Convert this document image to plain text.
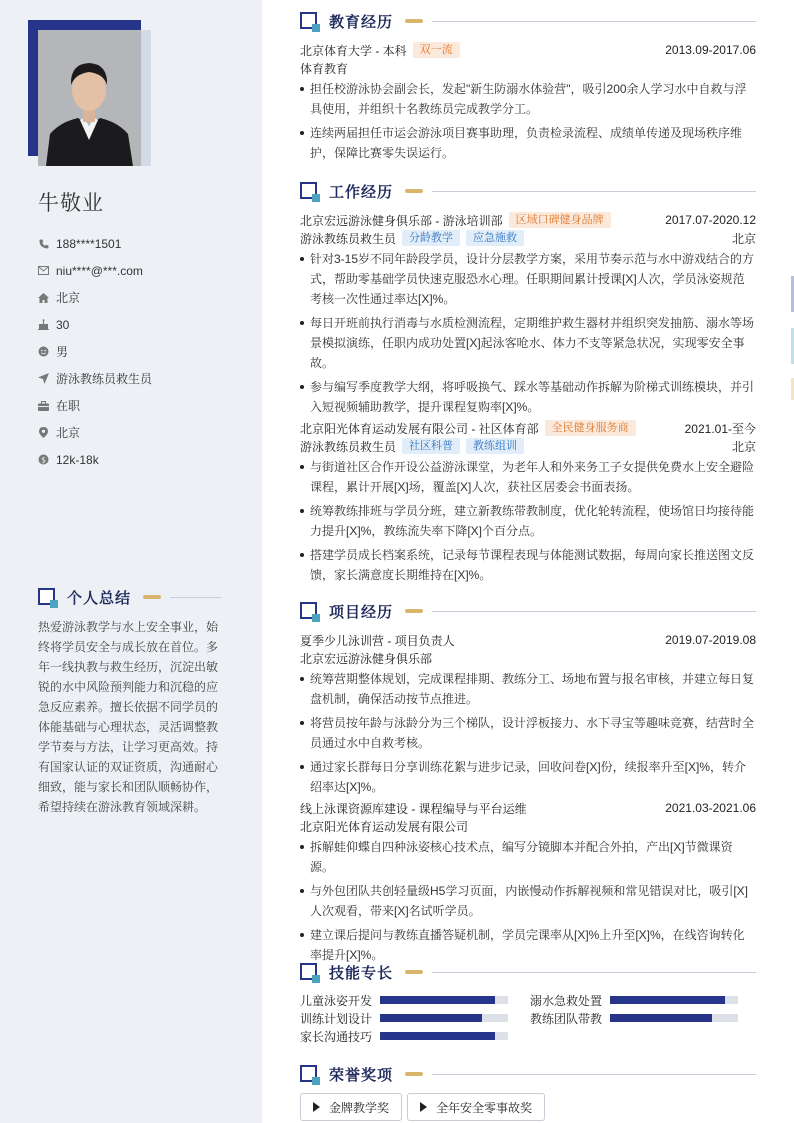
牛敬业
188****1501
niu****@***.com
北京
30
男
游泳教练员救生员
在职
北京
$ 12k-18k
个人总结
热爱游泳教学与水上安全事业，始终将学员安全与成长放在首位。多年一线执教与救生经历，沉淀出敏锐的水中风险预判能力和沉稳的应急反应素养。擅长依据不同学员的体能基础与心理状态，灵活调整教学节奏与方法，让学习更高效。持有国家认证的双证资质，沟通耐心细致，能与家长和团队顺畅协作，希望持续在游泳教育领域深耕。
教育经历
北京体育大学 - 本科	双一流	2013.09-2017.06
体育教育
担任校游泳协会副会长，发起"新生防溺水体验营"，吸引200余人学习水中自救与浮具使用，并组织十名教练员完成教学分工。
连续两届担任市运会游泳项目赛事助理，负责检录流程、成绩单传递及现场秩序维护，保障比赛零失误运行。
工作经历
北京宏远游泳健身俱乐部 - 游泳培训部	区域口碑健身品牌	2017.07-2020.12
游泳教练员救生员	分龄教学	应急施救	北京
针对3-15岁不同年龄段学员，设计分层教学方案，采用节奏示范与水中游戏结合的方式，帮助零基础学员快速克服恐水心理。任职期间累计授课[X]人次，学员泳姿规范考核一次性通过率达[X]%。
每日开班前执行消毒与水质检测流程，定期维护救生器材并组织突发抽筋、溺水等场景模拟演练，任职内成功处置[X]起泳客呛水、体力不支等紧急状况，实现零安全事故。
参与编写季度教学大纲，将呼吸换气、踩水等基础动作拆解为阶梯式训练模块，并引入短视频辅助教学，提升课程复购率[X]%。
北京阳光体育运动发展有限公司 - 社区体育部	全民健身服务商	2021.01-至今
游泳教练员救生员	社区科普	教练组训	北京
与街道社区合作开设公益游泳课堂，为老年人和外来务工子女提供免费水上安全避险课程，累计开展[X]场，覆盖[X]人次，获社区居委会书面表扬。
统筹教练排班与学员分班，建立新教练带教制度，优化轮转流程，使场馆日均接待能力提升[X]%，教练流失率下降[X]个百分点。
搭建学员成长档案系统，记录每节课程表现与体能测试数据，每周向家长推送图文反馈，家长满意度长期维持在[X]%。
项目经历
夏季少儿泳训营 - 项目负责人	2019.07-2019.08
北京宏远游泳健身俱乐部
统筹营期整体规划，完成课程排期、教练分工、场地布置与报名审核，并建立每日复盘机制，确保活动按节点推进。
将营员按年龄与泳龄分为三个梯队，设计浮板接力、水下寻宝等趣味竞赛，结营时全员通过水中自救考核。
通过家长群每日分享训练花絮与进步记录，回收问卷[X]份，续报率升至[X]%，转介绍率达[X]%。
线上泳课资源库建设 - 课程编导与平台运维	2021.03-2021.06
北京阳光体育运动发展有限公司
拆解蛙仰蝶自四种泳姿核心技术点，编写分镜脚本并配合外拍，产出[X]节微课资源。
与外包团队共创轻量级H5学习页面，内嵌慢动作拆解视频和常见错误对比，吸引[X]人次观看，带来[X]名试听学员。
建立课后提问与教练直播答疑机制，学员完课率从[X]%上升至[X]%，在线咨询转化率提升[X]%。
技能专长
儿童泳姿开发	溺水急救处置
训练计划设计	教练团队带教
家长沟通技巧
荣誉奖项
金牌教学奖	全年安全零事故奖
